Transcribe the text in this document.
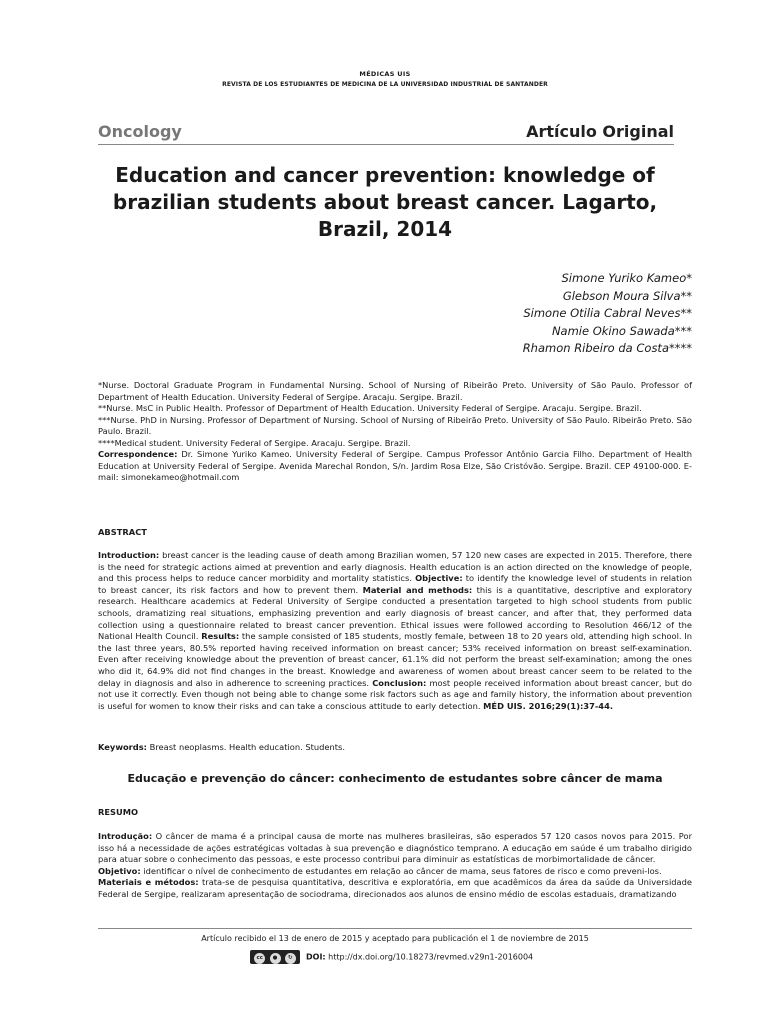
MÉDICAS UIS
REVISTA DE LOS ESTUDIANTES DE MEDICINA DE LA UNIVERSIDAD INDUSTRIAL DE SANTANDER
Oncology	Artículo Original
Education and cancer prevention: knowledge of brazilian students about breast cancer. Lagarto, Brazil, 2014
Simone Yuriko Kameo*
Glebson Moura Silva**
Simone Otilia Cabral Neves**
Namie Okino Sawada***
Rhamon Ribeiro da Costa****

*Nurse. Doctoral Graduate Program in Fundamental Nursing. School of Nursing of Ribeirão Preto. University of São Paulo. Professor of Department of Health Education. University Federal of Sergipe. Aracaju. Sergipe. Brazil.

**Nurse. MsC in Public Health. Professor of Department of Health Education. University Federal of Sergipe. Aracaju. Sergipe. Brazil.

***Nurse. PhD in Nursing. Professor of Department of Nursing. School of Nursing of Ribeirão Preto. University of São Paulo. Ribeirão Preto. São Paulo. Brazil.

****Medical student. University Federal of Sergipe. Aracaju. Sergipe. Brazil.

Correspondence: Dr. Simone Yuriko Kameo. University Federal of Sergipe. Campus Professor Antônio Garcia Filho. Department of Health Education at University Federal of Sergipe. Avenida Marechal Rondon, S/n. Jardim Rosa Elze, São Cristóvão. Sergipe. Brazil. CEP 49100-000. E-mail: simonekameo@hotmail.com

ABSTRACT
Introduction: breast cancer is the leading cause of death among Brazilian women, 57 120 new cases are expected in 2015. Therefore, there is the need for strategic actions aimed at prevention and early diagnosis. Health education is an action directed on the knowledge of people, and this process helps to reduce cancer morbidity and mortality statistics. Objective: to identify the knowledge level of students in relation to breast cancer, its risk factors and how to prevent them. Material and methods: this is a quantitative, descriptive and exploratory research. Healthcare academics at Federal University of Sergipe conducted a presentation targeted to high school students from public schools, dramatizing real situations, emphasizing prevention and early diagnosis of breast cancer, and after that, they performed data collection using a questionnaire related to breast cancer prevention. Ethical issues were followed according to Resolution 466/12 of the National Health Council. Results: the sample consisted of 185 students, mostly female, between 18 to 20 years old, attending high school. In the last three years, 80.5% reported having received information on breast cancer; 53% received information on breast self-examination. Even after receiving knowledge about the prevention of breast cancer, 61.1% did not perform the breast self-examination; among the ones who did it, 64.9% did not find changes in the breast. Knowledge and awareness of women about breast cancer seem to be related to the delay in diagnosis and also in adherence to screening practices. Conclusion: most people received information about breast cancer, but do not use it correctly. Even though not being able to change some risk factors such as age and family history, the information about prevention is useful for women to know their risks and can take a conscious attitude to early detection. MÉD UIS. 2016;29(1):37-44.
Keywords: Breast neoplasms. Health education. Students.
Educação e prevenção do câncer: conhecimento de estudantes sobre câncer de mama
RESUMO

Introdução: O câncer de mama é a principal causa de morte nas mulheres brasileiras, são esperados 57 120 casos novos para 2015. Por isso há a necessidade de ações estratégicas voltadas à sua prevenção e diagnóstico temprano. A educação em saúde é um trabalho dirigido para atuar sobre o conhecimento das pessoas, e este processo contribui para diminuir as estatísticas de morbimortalidade de câncer.

Objetivo: identificar o nível de conhecimento de estudantes em relação ao câncer de mama, seus fatores de risco e como preveni-los.

Materiais e métodos: trata-se de pesquisa quantitativa, descritiva e exploratória, em que acadêmicos da área da saúde da Universidade Federal de Sergipe, realizaram apresentação de sociodrama, direcionados aos alunos de ensino médio de escolas estaduais, dramatizando

Artículo recibido el 13 de enero de 2015 y aceptado para publicación el 1 de noviembre de 2015
cc ● ↻ DOI: http://dx.doi.org/10.18273/revmed.v29n1-2016004
